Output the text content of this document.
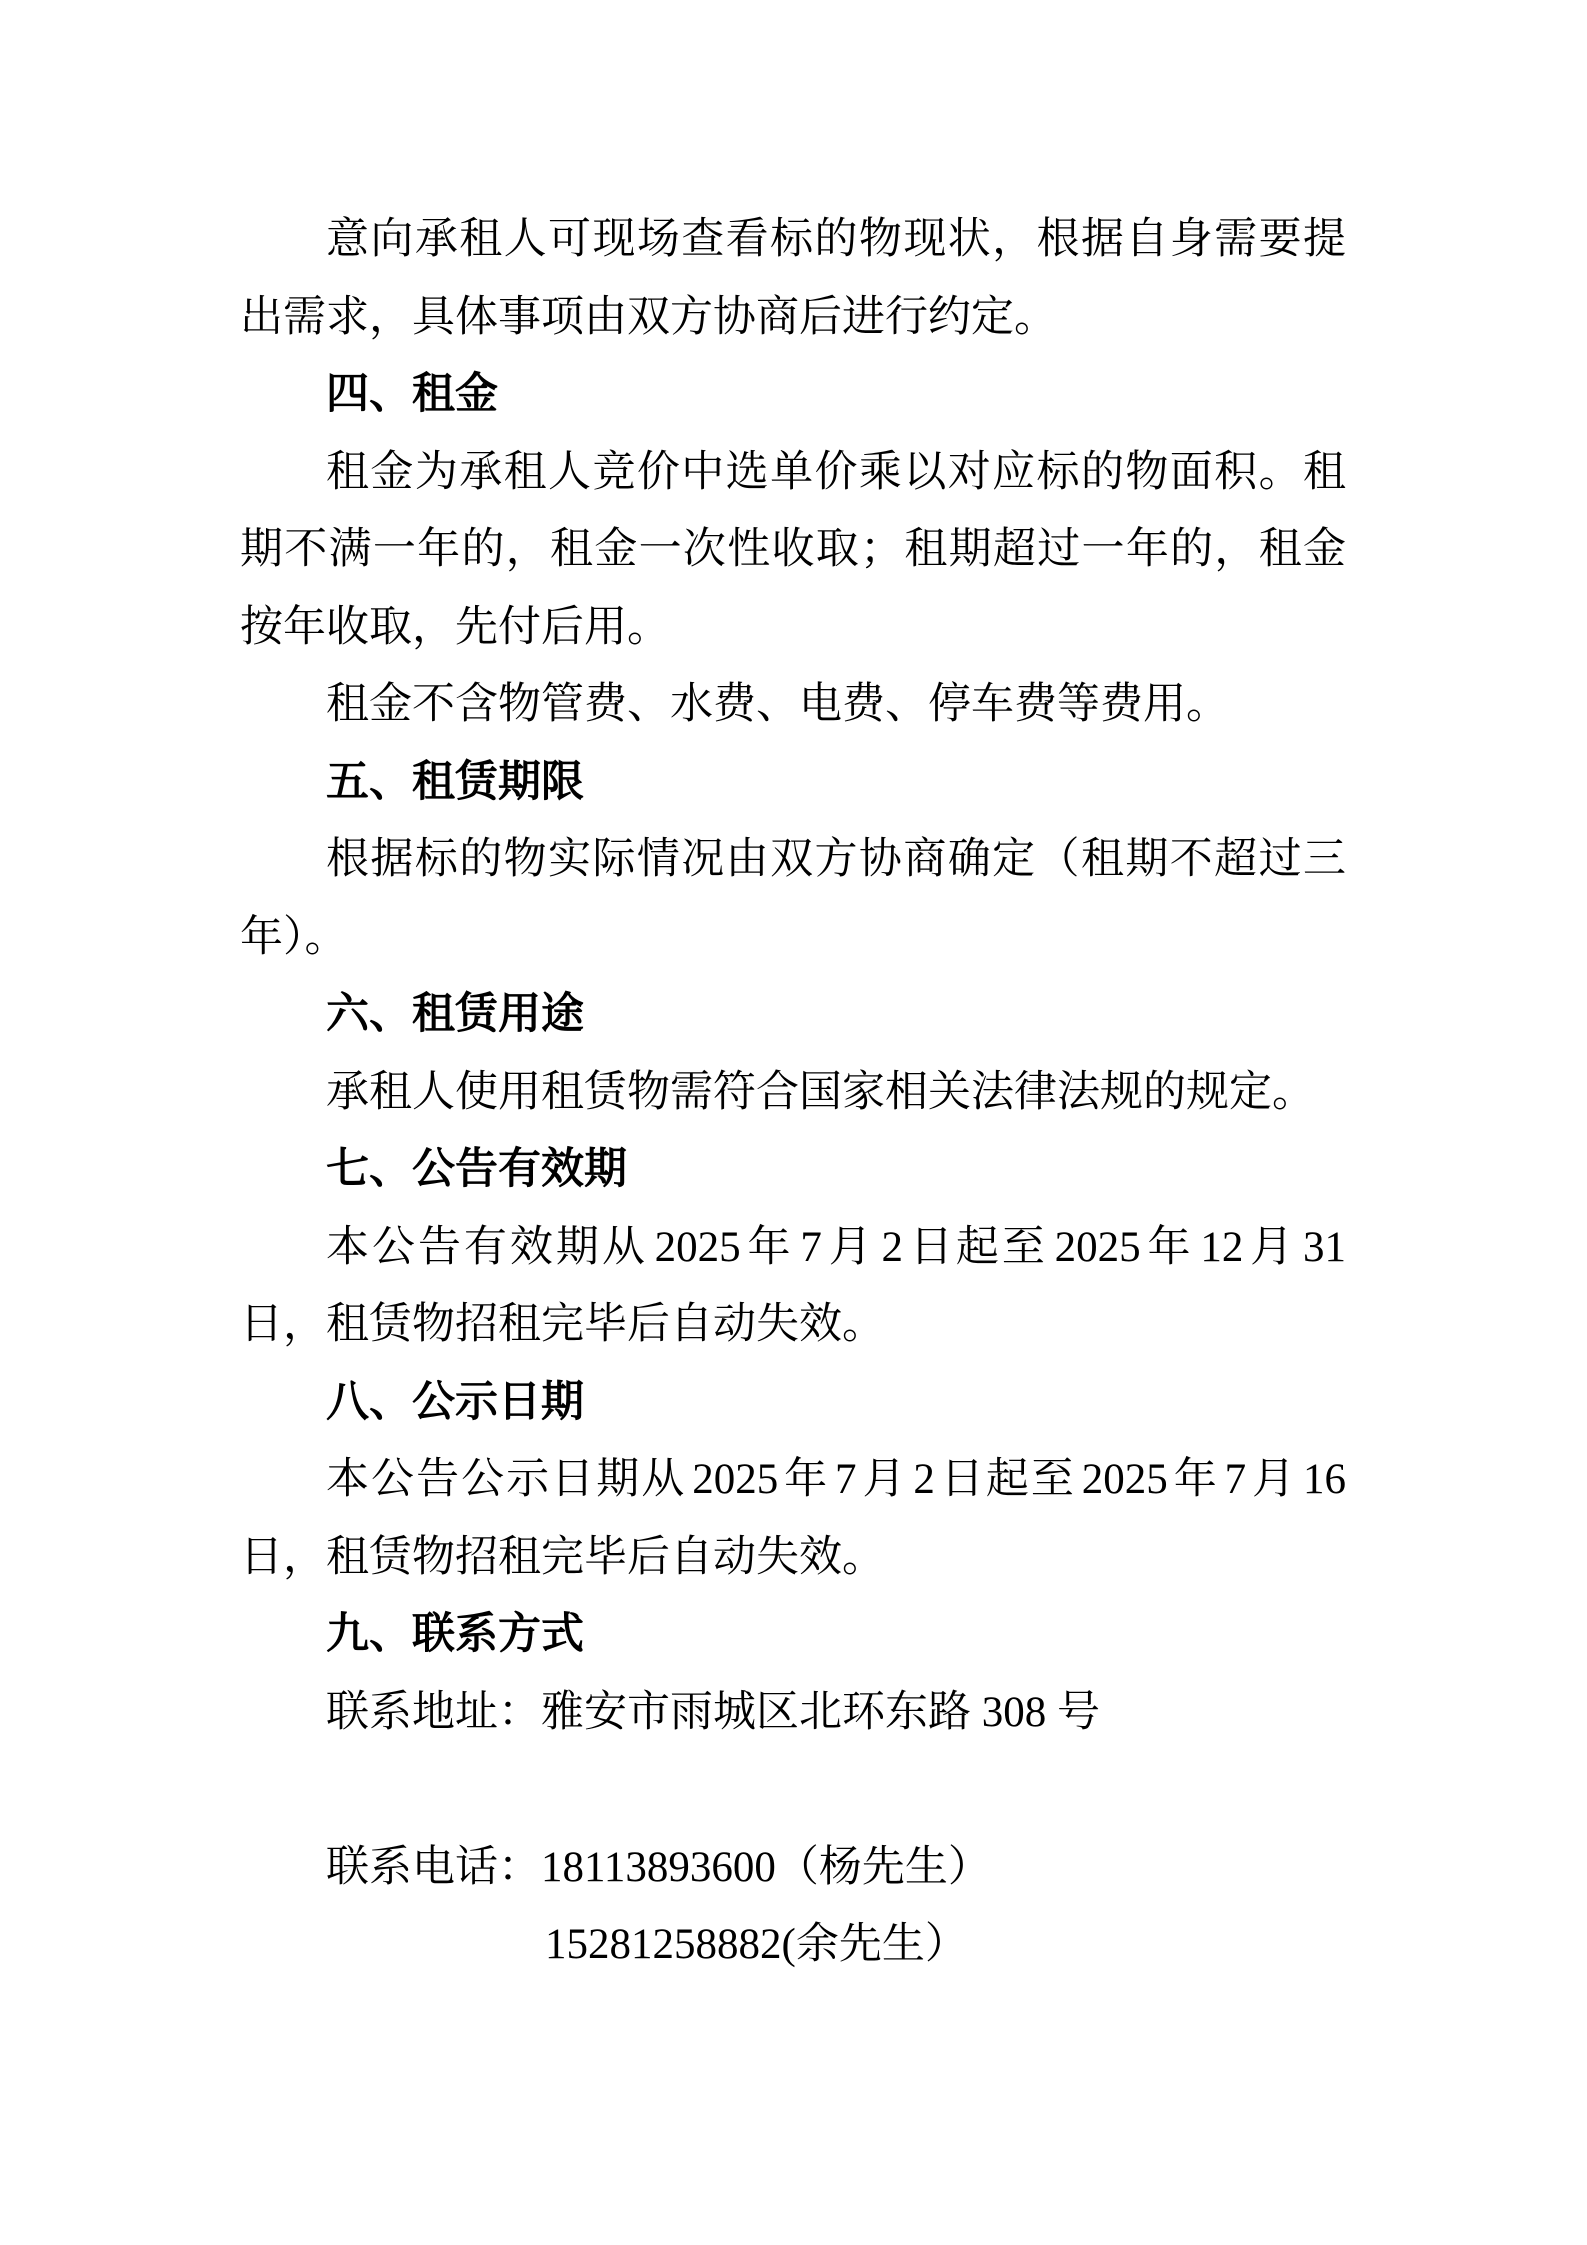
意向承租人可现场查看标的物现状，根据自身需要提出需求，具体事项由双方协商后进行约定。

四、租金

租金为承租人竞价中选单价乘以对应标的物面积。租期不满一年的，租金一次性收取；租期超过一年的，租金按年收取，先付后用。

租金不含物管费、水费、电费、停车费等费用。

五、租赁期限

根据标的物实际情况由双方协商确定（租期不超过三年）。

六、租赁用途

承租人使用租赁物需符合国家相关法律法规的规定。

七、公告有效期

本公告有效期从 2025 年 7 月 2 日起至 2025 年 12 月 31 日，租赁物招租完毕后自动失效。

八、公示日期

本公告公示日期从 2025 年 7 月 2 日起至 2025 年 7 月 16 日，租赁物招租完毕后自动失效。

九、联系方式

联系地址：雅安市雨城区北环东路 308 号

联系电话：18113893600（杨先生）

15281258882(余先生）
